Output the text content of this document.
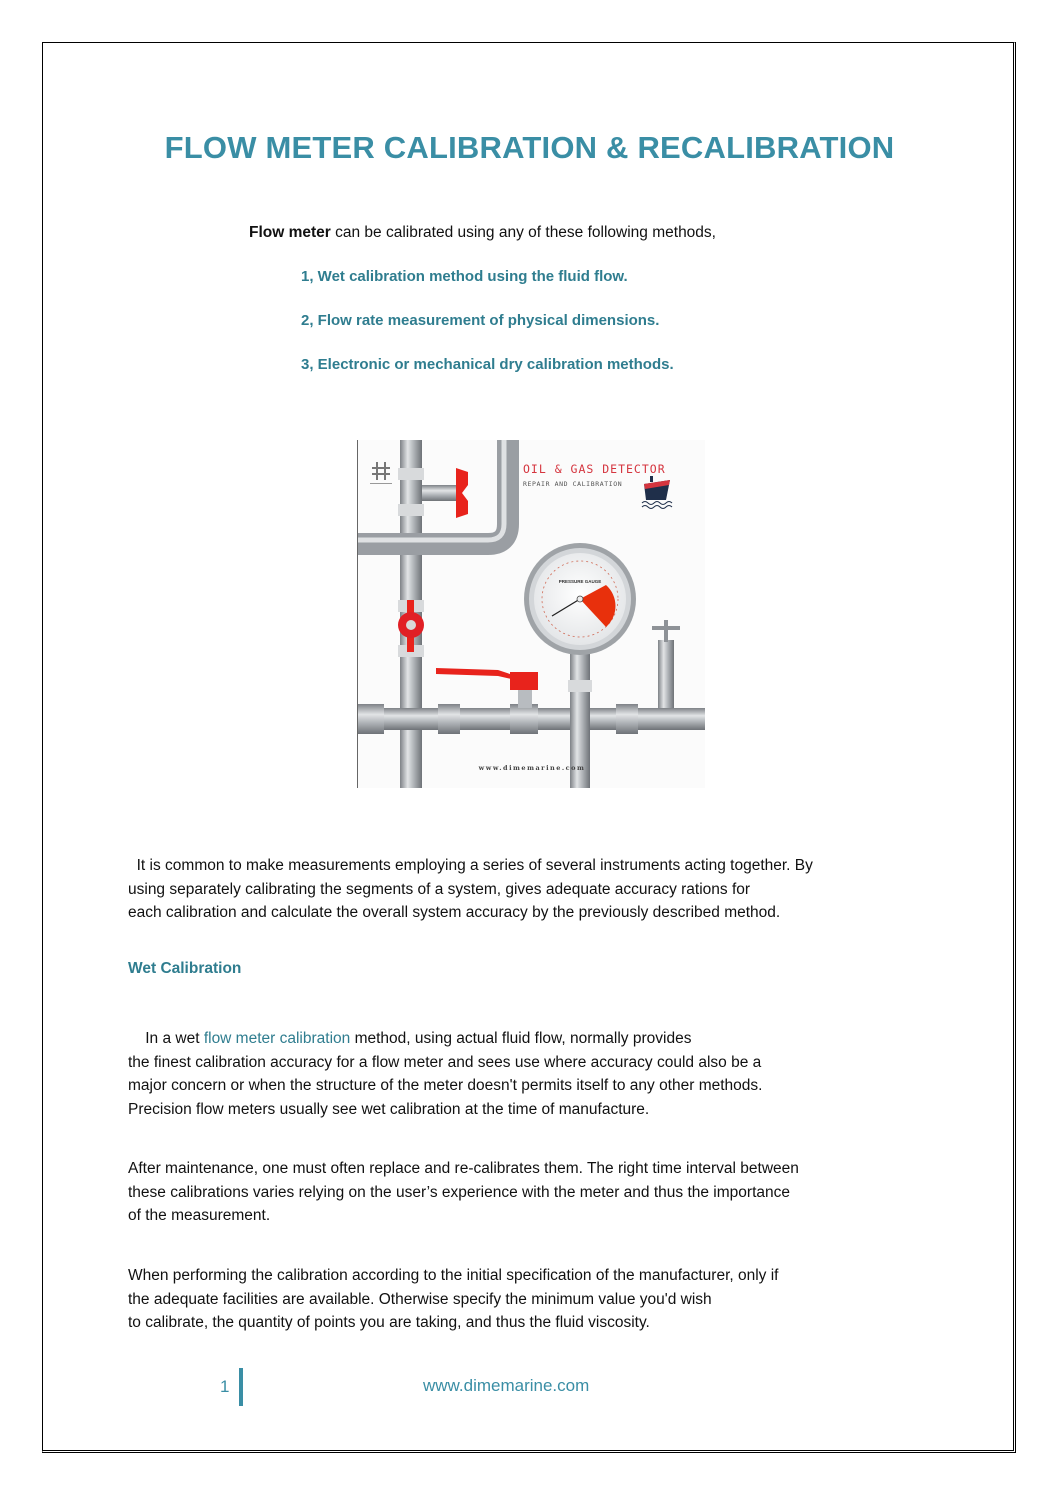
FLOW METER CALIBRATION & RECALIBRATION
Flow meter can be calibrated using any of these following methods,
1, Wet calibration method using the fluid flow.
2, Flow rate measurement of physical dimensions.
3, Electronic or mechanical dry calibration methods.
PRESSURE GAUGE
OIL & GAS DETECTOR
REPAIR AND CALIBRATION
www.dimemarine.com
It is common to make measurements employing a series of several instruments acting together. By
using separately calibrating the segments of a system, gives adequate accuracy rations for
each calibration and calculate the overall system accuracy by the previously described method.
Wet Calibration
In a wet flow meter calibration method, using actual fluid flow, normally provides
the finest calibration accuracy for a flow meter and sees use where accuracy could also be a
major concern or when the structure of the meter doesn't permits itself to any other methods.
Precision flow meters usually see wet calibration at the time of manufacture.
After maintenance, one must often replace and re-calibrates them. The right time interval between
these calibrations varies relying on the user’s experience with the meter and thus the importance
of the measurement.
When performing the calibration according to the initial specification of the manufacturer, only if
the adequate facilities are available. Otherwise specify the minimum value you'd wish
to calibrate, the quantity of points you are taking, and thus the fluid viscosity.
1	www.dimemarine.com
